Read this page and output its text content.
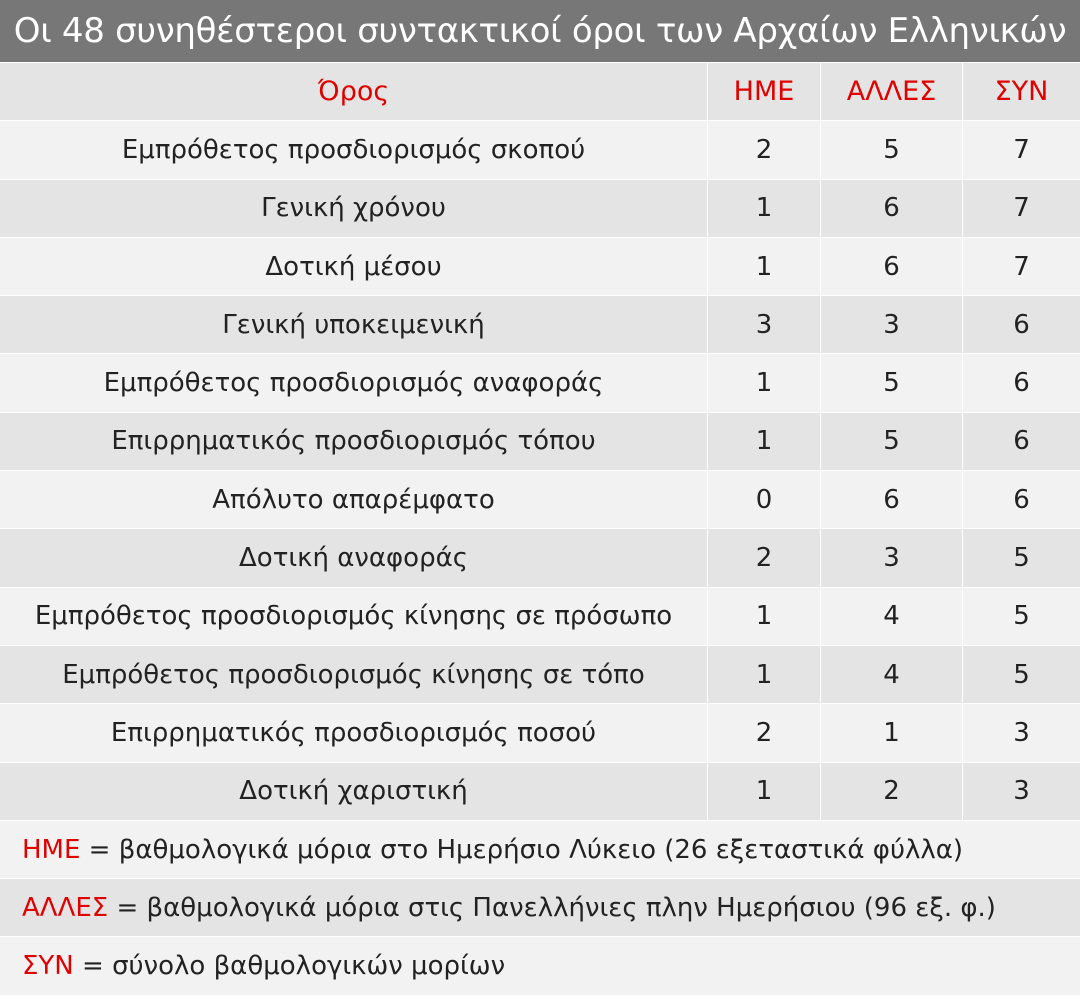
Οι 48 συνηθέστεροι συντακτικοί όροι των Αρχαίων Ελληνικών
Όρος	ΗΜΕ	ΑΛΛΕΣ	ΣΥΝ
Εμπρόθετος προσδιορισμός σκοπού	2	5	7
Γενική χρόνου	1	6	7
Δοτική μέσου	1	6	7
Γενική υποκειμενική	3	3	6
Εμπρόθετος προσδιορισμός αναφοράς	1	5	6
Επιρρηματικός προσδιορισμός τόπου	1	5	6
Απόλυτο απαρέμφατο	0	6	6
Δοτική αναφοράς	2	3	5
Εμπρόθετος προσδιορισμός κίνησης σε πρόσωπο	1	4	5
Εμπρόθετος προσδιορισμός κίνησης σε τόπο	1	4	5
Επιρρηματικός προσδιορισμός ποσού	2	1	3
Δοτική χαριστική	1	2	3
ΗΜΕ = βαθμολογικά μόρια στο Ημερήσιο Λύκειο (26 εξεταστικά φύλλα)
ΑΛΛΕΣ = βαθμολογικά μόρια στις Πανελλήνιες πλην Ημερήσιου (96 εξ. φ.)
ΣΥΝ = σύνολο βαθμολογικών μορίων
